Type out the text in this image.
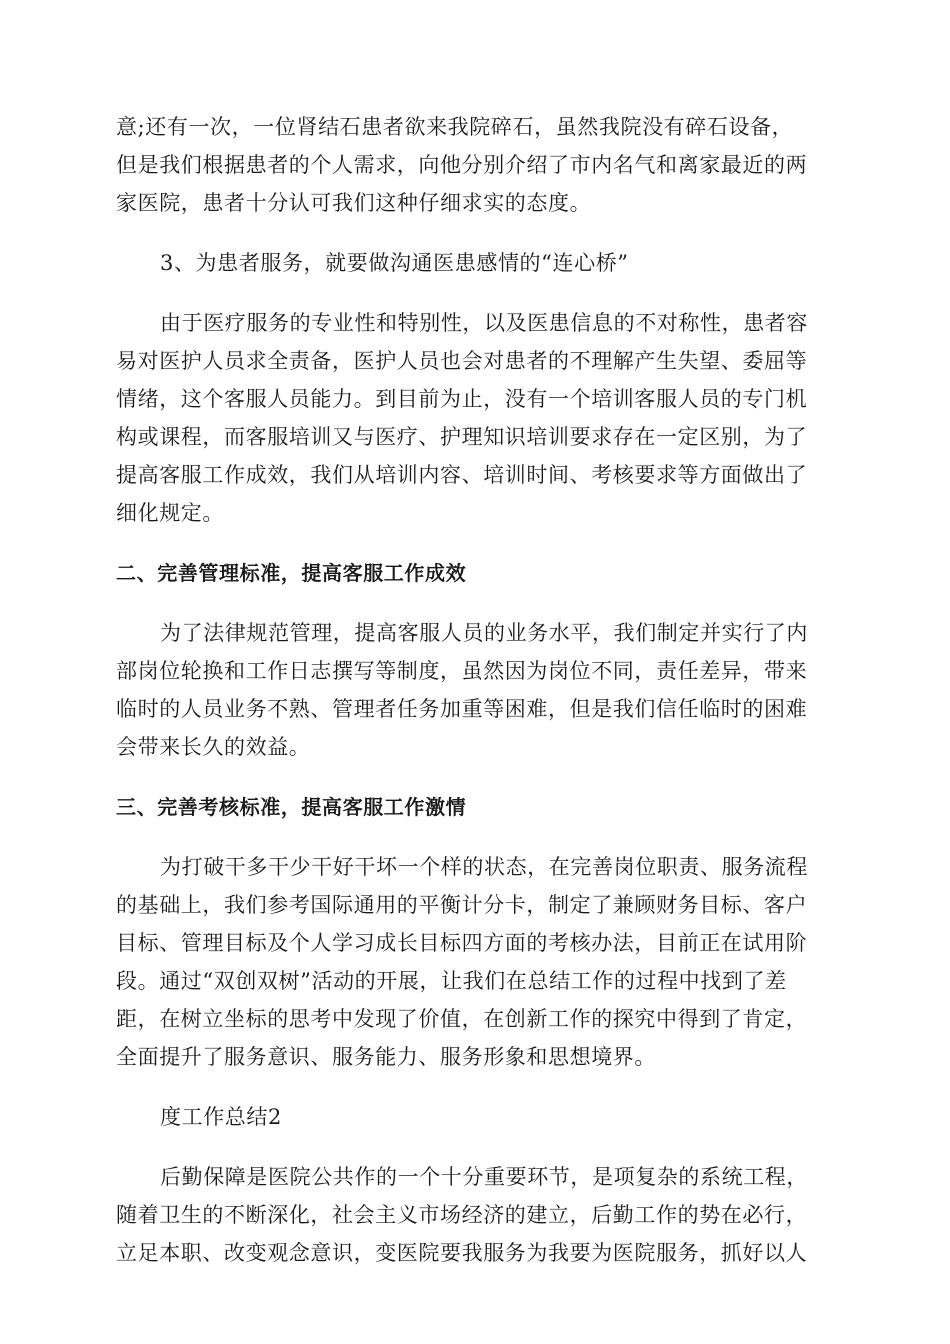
意;还有一次，一位肾结石患者欲来我院碎石，虽然我院没有碎石设备，
但是我们根据患者的个人需求，向他分别介绍了市内名气和离家最近的两
家医院，患者十分认可我们这种仔细求实的态度。

3、为患者服务，就要做沟通医患感情的“连心桥”

由于医疗服务的专业性和特别性，以及医患信息的不对称性，患者容
易对医护人员求全责备，医护人员也会对患者的不理解产生失望、委屈等
情绪，这个客服人员能力。到目前为止，没有一个培训客服人员的专门机
构或课程，而客服培训又与医疗、护理知识培训要求存在一定区别，为了
提高客服工作成效，我们从培训内容、培训时间、考核要求等方面做出了
细化规定。

二、完善管理标准，提高客服工作成效

为了法律规范管理，提高客服人员的业务水平，我们制定并实行了内
部岗位轮换和工作日志撰写等制度，虽然因为岗位不同，责任差异，带来
临时的人员业务不熟、管理者任务加重等困难，但是我们信任临时的困难
会带来长久的效益。

三、完善考核标准，提高客服工作激情

为打破干多干少干好干坏一个样的状态，在完善岗位职责、服务流程
的基础上，我们参考国际通用的平衡计分卡，制定了兼顾财务目标、客户
目标、管理目标及个人学习成长目标四方面的考核办法，目前正在试用阶
段。通过“双创双树”活动的开展，让我们在总结工作的过程中找到了差
距，在树立坐标的思考中发现了价值，在创新工作的探究中得到了肯定，
全面提升了服务意识、服务能力、服务形象和思想境界。

度工作总结2

后勤保障是医院公共作的一个十分重要环节，是项复杂的系统工程，
随着卫生的不断深化，社会主义市场经济的建立，后勤工作的势在必行，
立足本职、改变观念意识，变医院要我服务为我要为医院服务，抓好以人
